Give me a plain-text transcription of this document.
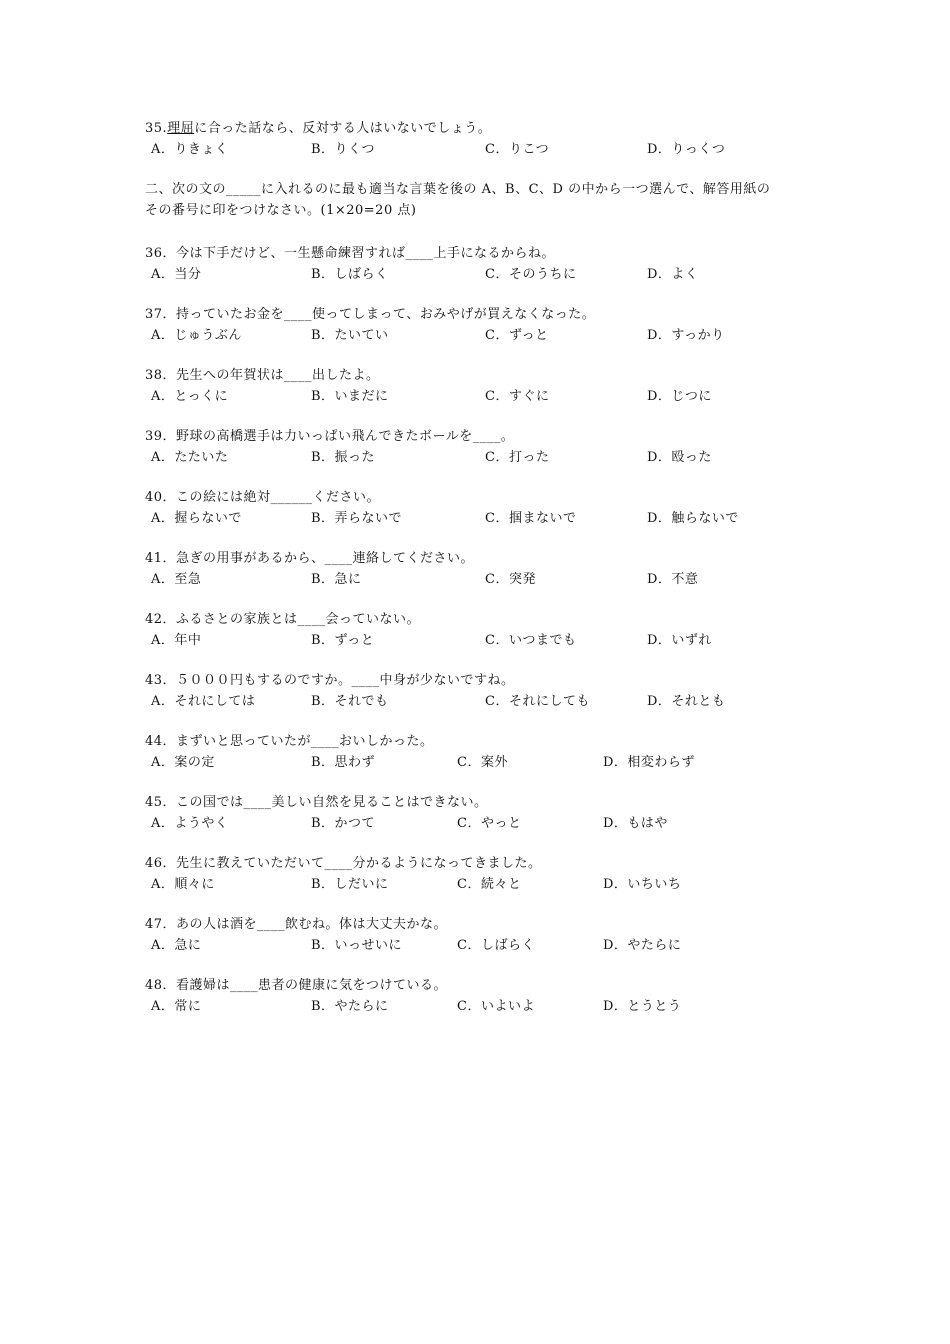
35.理屈に合った話なら、反対する人はいないでしょう。
A．りきょく	B．りくつ	C．りこつ	D．りっくつ
二、次の文の_____に入れるのに最も適当な言葉を後の A、B、C、D の中から一つ選んで、解答用紙の
その番号に印をつけなさい。(1×20=20 点)
36．今は下手だけど、一生懸命練習すれば____上手になるからね。
A．当分	B．しばらく	C．そのうちに	D．よく
37．持っていたお金を____使ってしまって、おみやげが買えなくなった。
A．じゅうぶん	B．たいてい	C．ずっと	D．すっかり
38．先生への年賀状は____出したよ。
A．とっくに	B．いまだに	C．すぐに	D．じつに
39．野球の高橋選手は力いっぱい飛んできたボールを____。
A．たたいた	B．振った	C．打った	D．殴った
40．この絵には絶対______ください。
A．握らないで	B．弄らないで	C．掴まないで	D．触らないで
41．急ぎの用事があるから、____連絡してください。
A．至急	B．急に	C．突発	D．不意
42．ふるさとの家族とは____会っていない。
A．年中	B．ずっと	C．いつまでも	D．いずれ
43．５０００円もするのですか。____中身が少ないですね。
A．それにしては	B．それでも	C．それにしても	D．それとも
44．まずいと思っていたが____おいしかった。
A．案の定	B．思わず	C．案外	D．相変わらず
45．この国では____美しい自然を見ることはできない。
A．ようやく	B．かつて	C．やっと	D．もはや
46．先生に教えていただいて____分かるようになってきました。
A．順々に	B．しだいに	C．続々と	D．いちいち
47．あの人は酒を____飲むね。体は大丈夫かな。
A．急に	B．いっせいに	C．しばらく	D．やたらに
48．看護婦は____患者の健康に気をつけている。
A．常に	B．やたらに	C．いよいよ	D．とうとう
